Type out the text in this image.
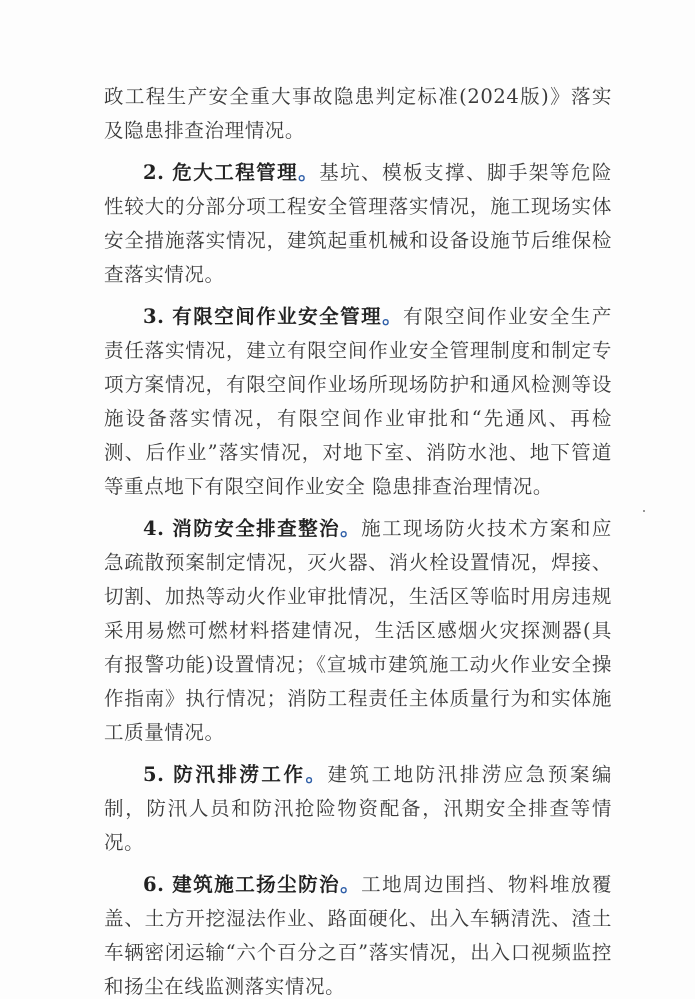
政工程生产安全重大事故隐患判定标准(2024版)》落实及隐患排查治理情况。

2. 危大工程管理。基坑、模板支撑、脚手架等危险性较大的分部分项工程安全管理落实情况，施工现场实体安全措施落实情况，建筑起重机械和设备设施节后维保检查落实情况。

3. 有限空间作业安全管理。有限空间作业安全生产责任落实情况，建立有限空间作业安全管理制度和制定专项方案情况，有限空间作业场所现场防护和通风检测等设施设备落实情况，有限空间作业审批和“先通风、再检测、后作业”落实情况，对地下室、消防水池、地下管道等重点地下有限空间作业安全 隐患排查治理情况。

4. 消防安全排查整治。施工现场防火技术方案和应急疏散预案制定情况，灭火器、消火栓设置情况，焊接、切割、加热等动火作业审批情况，生活区等临时用房违规采用易燃可燃材料搭建情况，生活区感烟火灾探测器(具有报警功能)设置情况；《宣城市建筑施工动火作业安全操作指南》执行情况；消防工程责任主体质量行为和实体施工质量情况。

5. 防汛排涝工作。建筑工地防汛排涝应急预案编制，防汛人员和防汛抢险物资配备，汛期安全排查等情况。

6. 建筑施工扬尘防治。工地周边围挡、物料堆放覆盖、土方开挖湿法作业、路面硬化、出入车辆清洗、渣土车辆密闭运输“六个百分之百”落实情况，出入口视频监控和扬尘在线监测落实情况。
